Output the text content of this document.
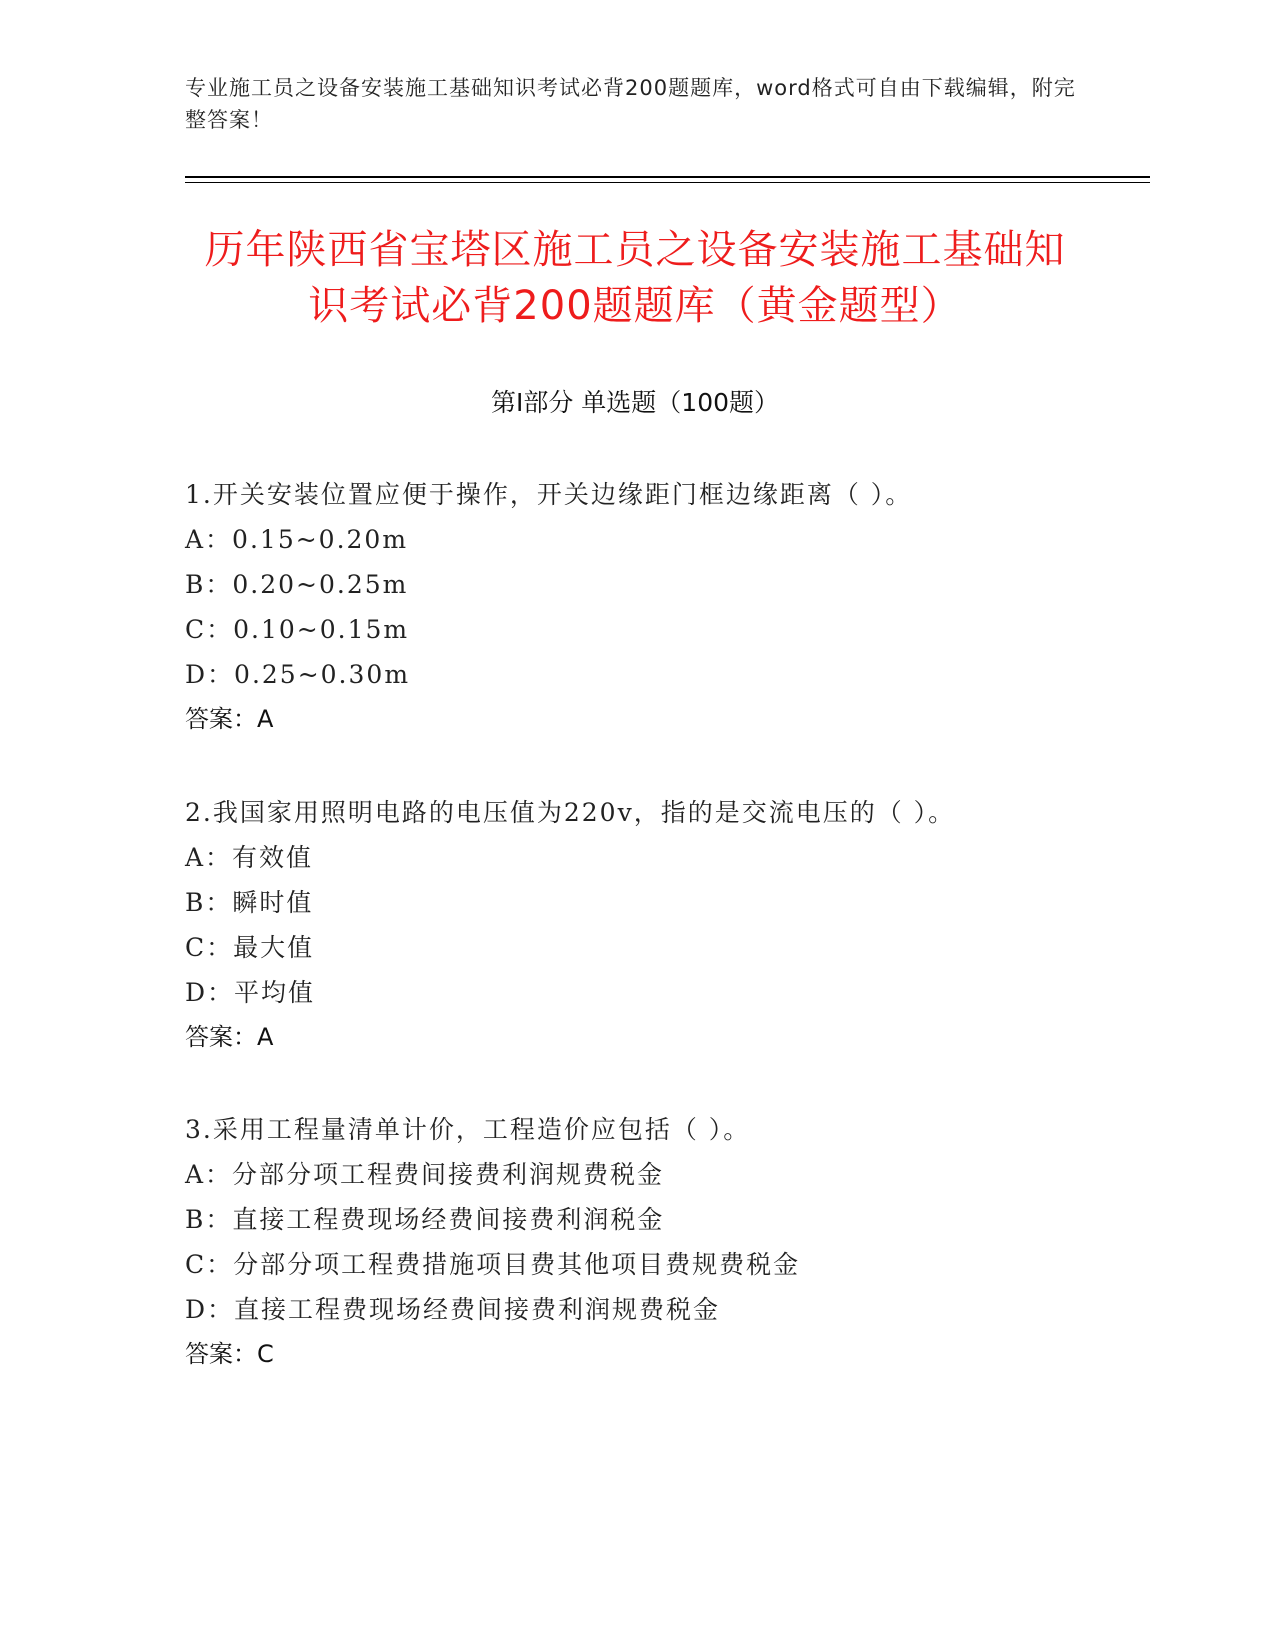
专业施工员之设备安装施工基础知识考试必背200题题库，word格式可自由下载编辑，附完整答案！
历年陕西省宝塔区施工员之设备安装施工基础知识考试必背200题题库（黄金题型）
第Ⅰ部分 单选题（100题）
1.开关安装位置应便于操作，开关边缘距门框边缘距离（ ）。
A：0.15~0.20m
B：0.20~0.25m
C：0.10~0.15m
D：0.25~0.30m
答案：A
2.我国家用照明电路的电压值为220v，指的是交流电压的（ ）。
A：有效值
B：瞬时值
C：最大值
D：平均值
答案：A
3.采用工程量清单计价，工程造价应包括（ ）。
A：分部分项工程费间接费利润规费税金
B：直接工程费现场经费间接费利润税金
C：分部分项工程费措施项目费其他项目费规费税金
D：直接工程费现场经费间接费利润规费税金
答案：C
